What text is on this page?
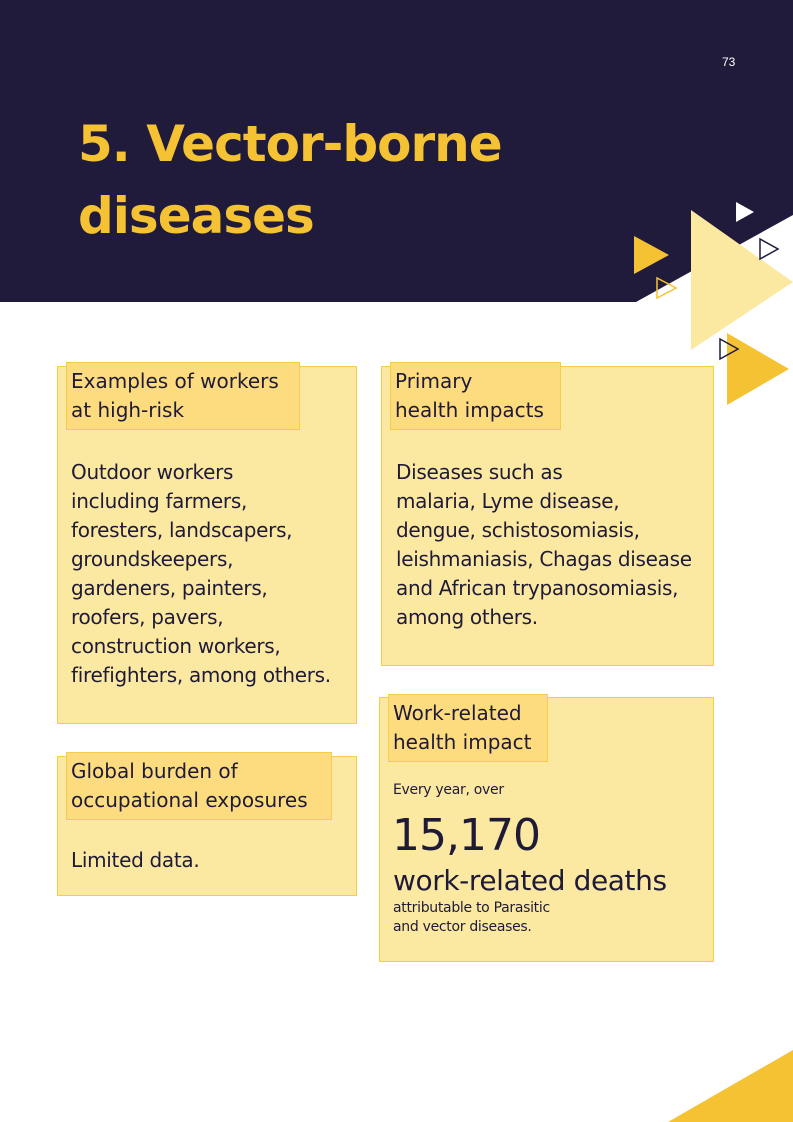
73
5. Vector-borne
diseases
Examples of workers
at high-risk
Outdoor workers
including farmers,
foresters, landscapers,
groundskeepers,
gardeners, painters,
roofers, pavers,
construction workers,
firefighters, among others.
Primary
health impacts
Diseases such as
malaria, Lyme disease,
dengue, schistosomiasis,
leishmaniasis, Chagas disease
and African trypanosomiasis,
among others.
Global burden of
occupational exposures
Limited data.
Work-related
health impact
Every year, over
15,170
work-related deaths
attributable to Parasitic
and vector diseases.
